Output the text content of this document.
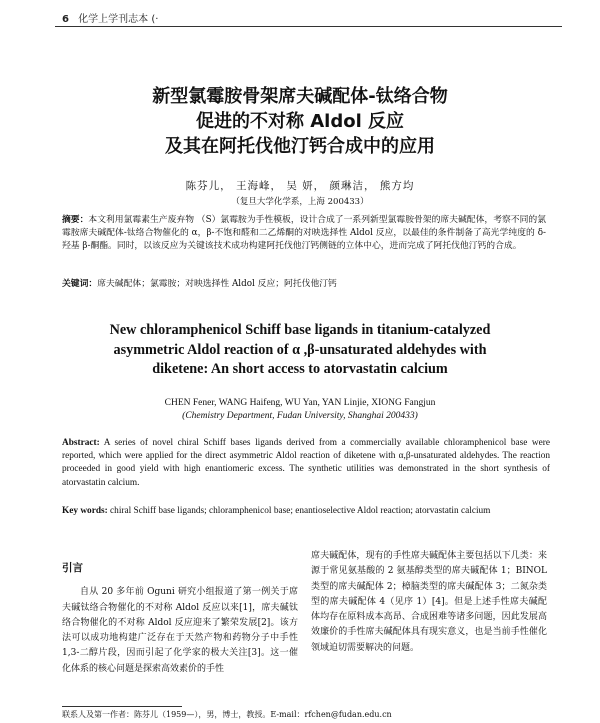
6 化学上学刊志本 (·
新型氯霉胺骨架席夫碱配体-钛络合物
促进的不对称 Aldol 反应
及其在阿托伐他汀钙合成中的应用
陈芬儿， 王海峰， 吴 妍， 颜琳洁， 熊方均
（复旦大学化学系，上海 200433）
摘要：本文利用氯霉素生产废弃物 （S）氯霉胺为手性模板，设计合成了一系列新型氯霉胺骨架的席夫碱配体，考察不同的氯霉胺席夫碱配体-钛络合物催化的 α，β-不饱和醛和二乙烯酮的对映选择性 Aldol 反应，以最佳的条件制备了高光学纯度的 δ-羟基 β-酮酯。同时，以该反应为关键该技术成功构建阿托伐他汀钙侧链的立体中心，进而完成了阿托伐他汀钙的合成。
关键词：席夫碱配体；氯霉胺；对映选择性 Aldol 反应；阿托伐他汀钙
New chloramphenicol Schiff base ligands in titanium-catalyzed
asymmetric Aldol reaction of α ,β-unsaturated aldehydes with
diketene: An short access to atorvastatin calcium
CHEN Fener, WANG Haifeng, WU Yan, YAN Linjie, XIONG Fangjun
(Chemistry Department, Fudan University, Shanghai 200433)
Abstract: A series of novel chiral Schiff bases ligands derived from a commercially available chloramphenicol base were reported, which were applied for the direct asymmetric Aldol reaction of diketene with α,β-unsaturated aldehydes. The reaction proceeded in good yield with high enantiomeric excess. The synthetic utilities was demonstrated in the short synthesis of atorvastatin calcium.
Key words: chiral Schiff base ligands; chloramphenicol base; enantioselective Aldol reaction; atorvastatin calcium
引言
自从 20 多年前 Oguni 研究小组报道了第一例关于席夫碱钛络合物催化的不对称 Aldol 反应以来[1]，席夫碱钛络合物催化的不对称 Aldol 反应迎来了繁荣发展[2]。该方法可以成功地构建广泛存在于天然产物和药物分子中手性 1,3-二醇片段，因而引起了化学家的极大关注[3]。这一催化体系的核心问题是探索高效素价的手性
席夫碱配体，现有的手性席夫碱配体主要包括以下几类：来源于常见氨基酸的 2 氨基醇类型的席夫碱配体 1；BINOL类型的席夫碱配体 2；樟脑类型的席夫碱配体 3；二氮杂类型的席夫碱配体 4（见序 1）[4]。但是上述手性席夫碱配体均存在原料成本高昂、合成困难等诸多问题，因此发展高效廉价的手性席夫碱配体具有现实意义，也是当前手性催化领域迫切需要解决的问题。
联系人及第一作者：陈芬儿（1959—），男，博士，教授。E-mail：rfchen@fudan.edu.cn
